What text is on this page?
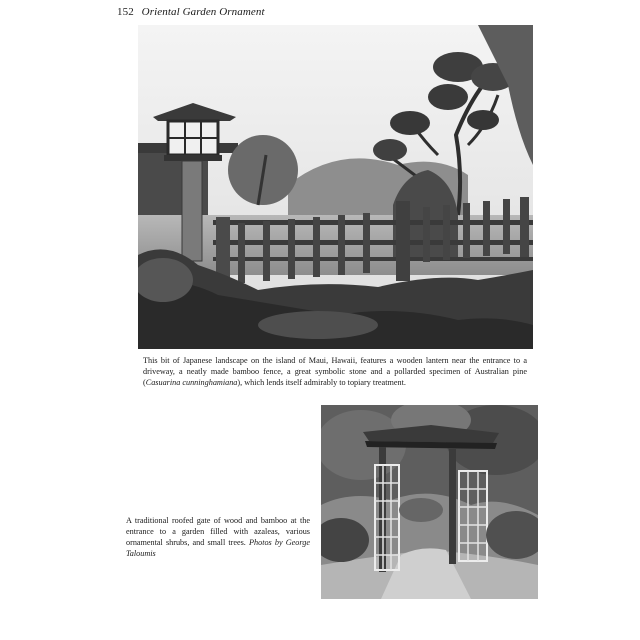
152 Oriental Garden Ornament
This bit of Japanese landscape on the island of Maui, Hawaii, features a wooden lantern near the entrance to a driveway, a neatly made bamboo fence, a great symbolic stone and a pollarded specimen of Australian pine (Casuarina cunninghamiana), which lends itself admirably to topiary treatment.
A traditional roofed gate of wood and bamboo at the entrance to a garden filled with azaleas, various ornamental shrubs, and small trees. Photos by George Taloumis
